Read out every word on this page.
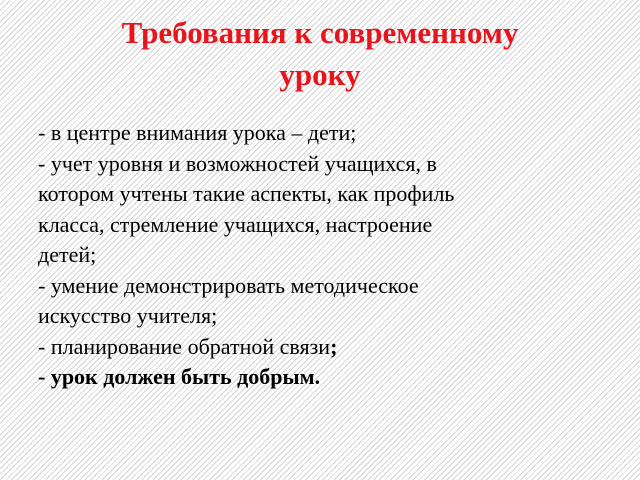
Требования к современному
уроку
- в центре внимания урока – дети;
- учет уровня и возможностей учащихся, в
котором учтены такие аспекты, как профиль
класса, стремление учащихся, настроение
детей;
- умение демонстрировать методическое
искусство учителя;
- планирование обратной связи;
- урок должен быть добрым.
